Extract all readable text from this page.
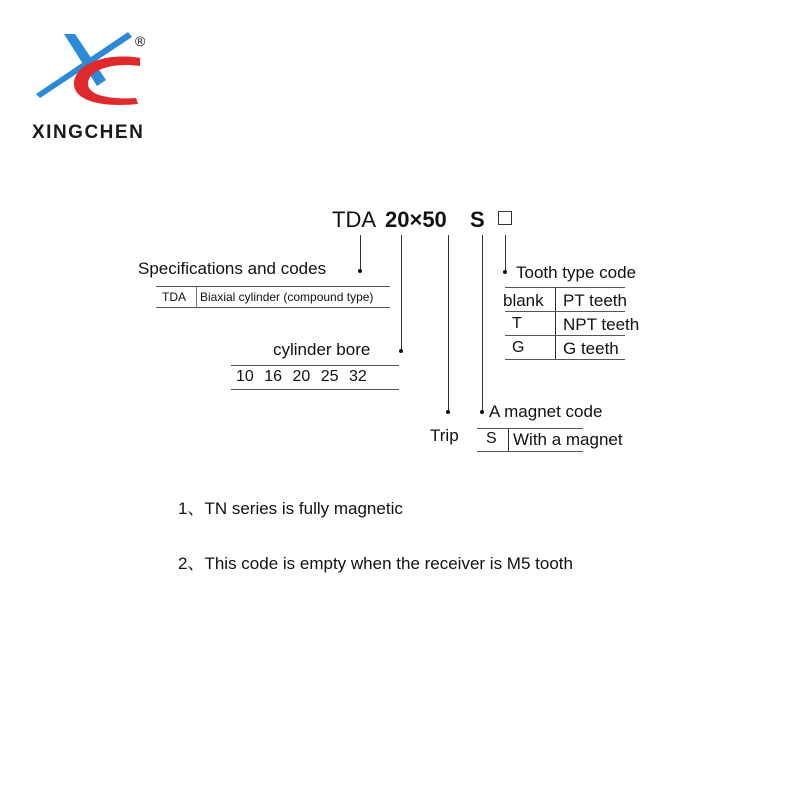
®
XINGCHEN
TDA 20×50 S
Specifications and codes
TDA Biaxial cylinder (compound type)
cylinder bore
10 16 20 25 32
Trip
A magnet code
S With a magnet
Tooth type code
blank PT teeth
T NPT teeth
G G teeth
1、TN series is fully magnetic
2、This code is empty when the receiver is M5 tooth
